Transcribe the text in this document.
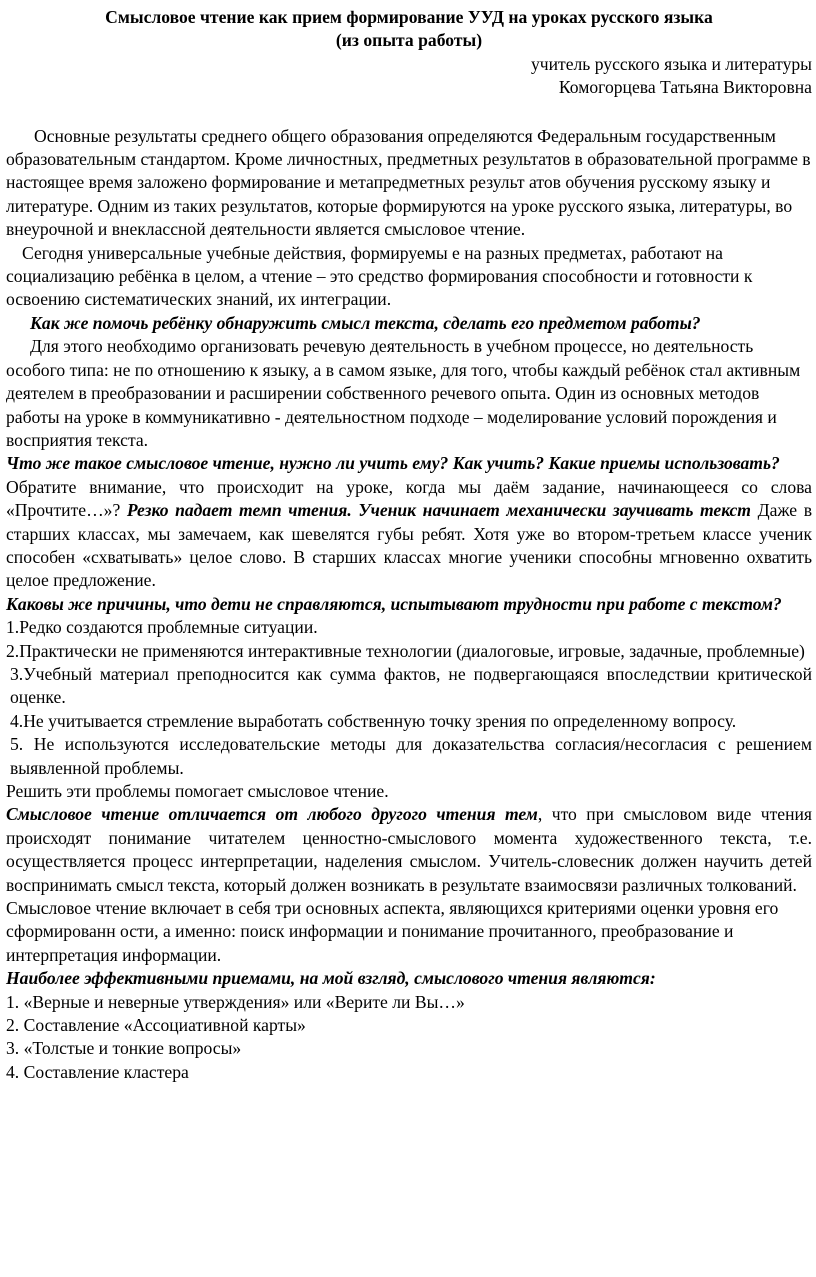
Смысловое чтение как прием формирование УУД на уроках русского языка

(из опыта работы)

учитель русского языка и литературы

Комогорцева Татьяна Викторовна

Основные результаты среднего общего образования определяются Федеральным государственным образовательным стандартом. Кроме личностных, предметных результатов в образовательной программе в настоящее время заложено формирование и метапредметных результ атов обучения русскому языку и литературе. Одним из таких результатов, которые формируются на уроке русского языка, литературы, во внеурочной и внеклассной деятельности является смысловое чтение.

Сегодня универсальные учебные действия, формируемы е на разных предметах, работают на социализацию ребёнка в целом, а чтение – это средство формирования способности и готовности к освоению систематических знаний, их интеграции.

Как же помочь ребёнку обнаружить смысл текста, сделать его предметом работы?

Для этого необходимо организовать речевую деятельность в учебном процессе, но деятельность особого типа: не по отношению к языку, а в самом языке, для того, чтобы каждый ребёнок стал активным деятелем в преобразовании и расширении собственного речевого опыта. Один из основных методов работы на уроке в коммуникативно - деятельностном подходе – моделирование условий порождения и восприятия текста.

Что же такое смысловое чтение, нужно ли учить ему? Как учить? Какие приемы использовать?

Обратите внимание, что происходит на уроке, когда мы даём задание, начинающееся со слова «Прочтите…»? Резко падает темп чтения. Ученик начинает механически заучивать текст Даже в старших классах, мы замечаем, как шевелятся губы ребят. Хотя уже во втором-третьем классе ученик способен «схватывать» целое слово. В старших классах многие ученики способны мгновенно охватить целое предложение.

Каковы же причины, что дети не справляются, испытывают трудности при работе с текстом?

1.Редко создаются проблемные ситуации.
2.Практически не применяются интерактивные технологии (диалоговые, игровые, задачные, проблемные)
3.Учебный материал преподносится как сумма фактов, не подвергающаяся впоследствии критической оценке.
4.Не учитывается стремление выработать собственную точку зрения по определенному вопросу.
5. Не используются исследовательские методы для доказательства согласия/несогласия с решением выявленной проблемы.

Решить эти проблемы помогает смысловое чтение.

Смысловое чтение отличается от любого другого чтения тем, что при смысловом виде чтения происходят понимание читателем ценностно-смыслового момента художественного текста, т.е. осуществляется процесс интерпретации, наделения смыслом. Учитель-словесник должен научить детей воспринимать смысл текста, который должен возникать в результате взаимосвязи различных толкований.

Смысловое чтение включает в себя три основных аспекта, являющихся критериями оценки уровня его сформированн ости, а именно: поиск информации и понимание прочитанного, преобразование и интерпретация информации.

Наиболее эффективными приемами, на мой взгляд, смыслового чтения являются:

1. «Верные и неверные утверждения» или «Верите ли Вы…»
2. Составление «Ассоциативной карты»
3. «Толстые и тонкие вопросы»
4. Составление кластера
